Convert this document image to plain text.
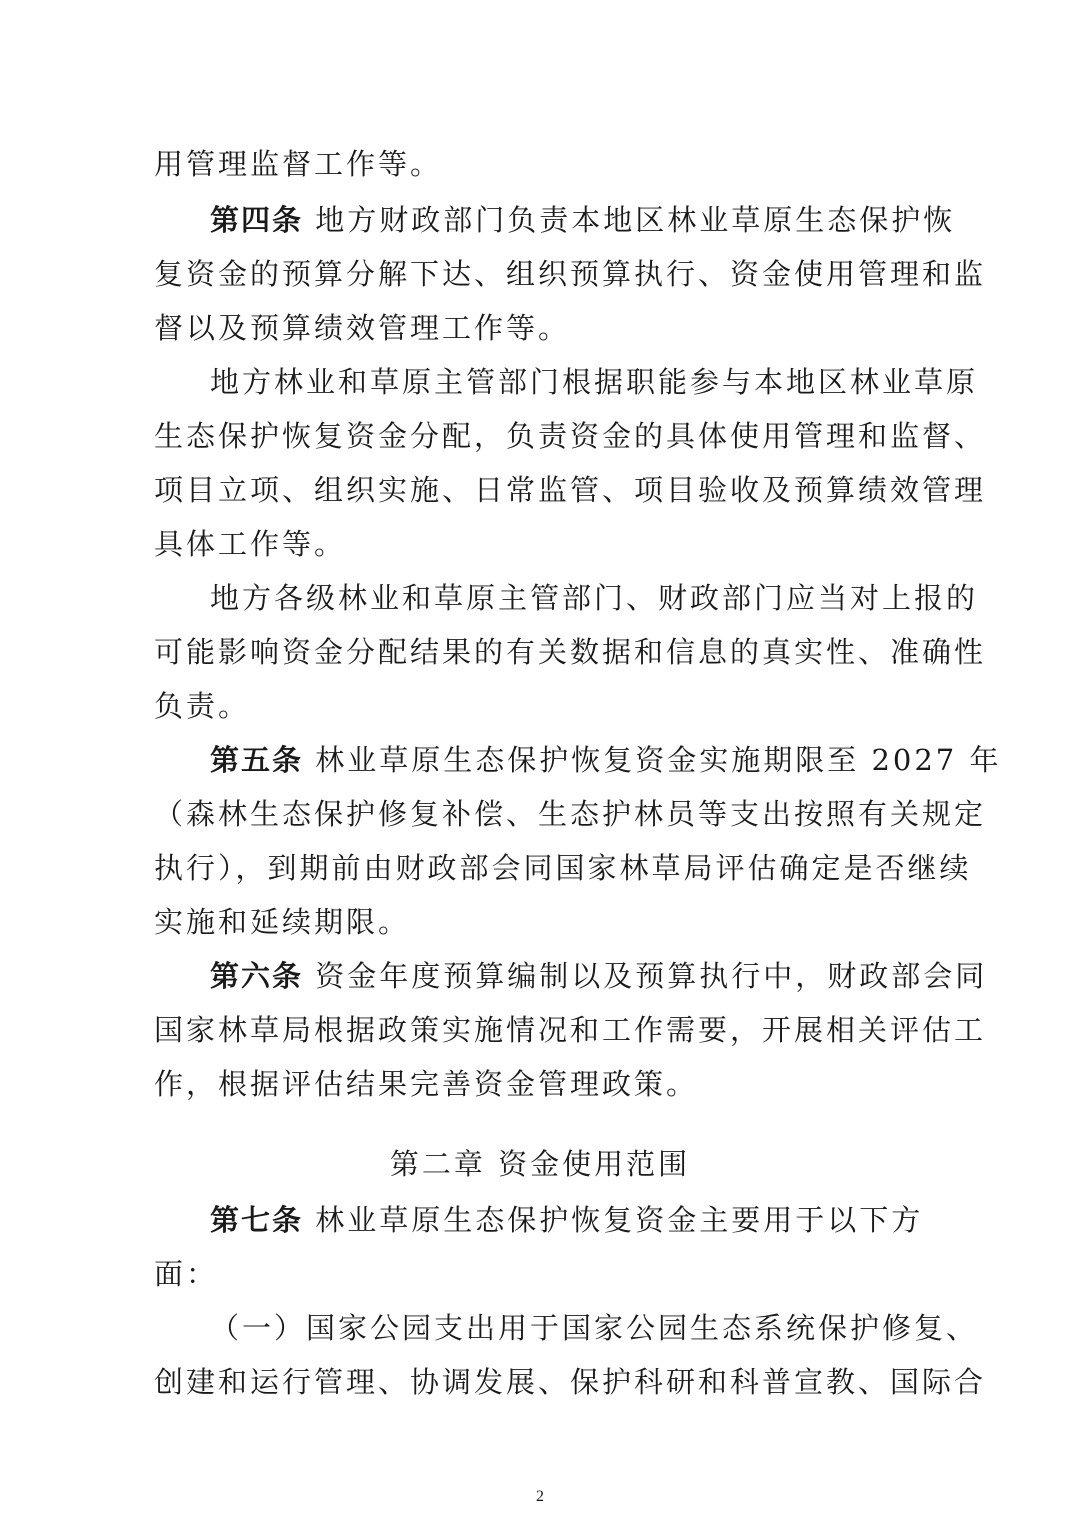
用管理监督工作等。
第四条 地方财政部门负责本地区林业草原生态保护恢
复资金的预算分解下达、组织预算执行、资金使用管理和监
督以及预算绩效管理工作等。
地方林业和草原主管部门根据职能参与本地区林业草原
生态保护恢复资金分配，负责资金的具体使用管理和监督、
项目立项、组织实施、日常监管、项目验收及预算绩效管理
具体工作等。
地方各级林业和草原主管部门、财政部门应当对上报的
可能影响资金分配结果的有关数据和信息的真实性、准确性
负责。
第五条 林业草原生态保护恢复资金实施期限至 2027 年
（森林生态保护修复补偿、生态护林员等支出按照有关规定
执行），到期前由财政部会同国家林草局评估确定是否继续
实施和延续期限。
第六条 资金年度预算编制以及预算执行中，财政部会同
国家林草局根据政策实施情况和工作需要，开展相关评估工
作，根据评估结果完善资金管理政策。
第二章 资金使用范围
第七条 林业草原生态保护恢复资金主要用于以下方
面：
（一）国家公园支出用于国家公园生态系统保护修复、
创建和运行管理、协调发展、保护科研和科普宣教、国际合
2
